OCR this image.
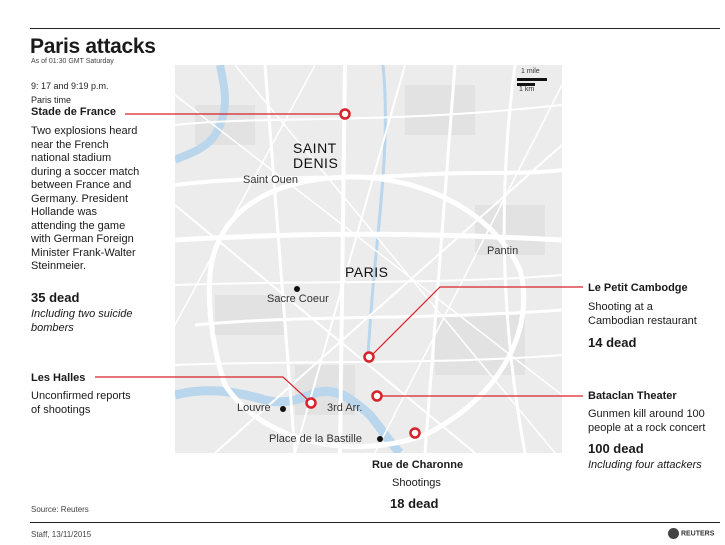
Paris attacks
As of 01:30 GMT Saturday
9: 17 and 9:19 p.m.
Paris time
1 mile
1 km
SAINT
DENIS
Saint Ouen
Pantin
PARIS
Sacre Coeur
Louvre	3rd Arr.
Place de la Bastille
Stade de France
Two explosions heard
near the French
national stadium
during a soccer match
between France and
Germany. President
Hollande was
attending the game
with German Foreign
Minister Frank-Walter
Steinmeier.
35 dead
Including two suicide
bombers
Les Halles
Unconfirmed reports
of shootings
Le Petit Cambodge
Shooting at a
Cambodian restaurant
14 dead
Bataclan Theater
Gunmen kill around 100
people at a rock concert
100 dead
Including four attackers
Rue de Charonne
Shootings
18 dead
Source: Reuters
Staff, 13/11/2015	REUTERS
